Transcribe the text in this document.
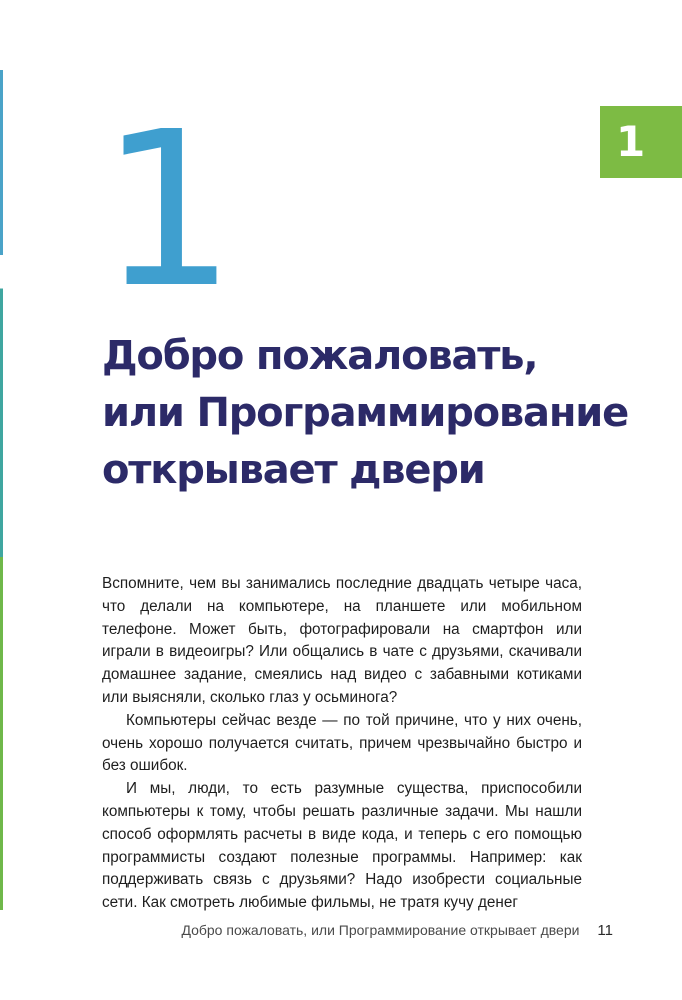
1
1
Добро пожаловать,
или Программирование
открывает двери

Вспомните, чем вы занимались последние двадцать четыре часа, что делали на компьютере, на планшете или мобильном телефоне. Может быть, фотографировали на смартфон или играли в видеоигры? Или общались в чате с друзьями, скачивали домашнее задание, смеялись над видео с забавными котиками или выясняли, сколько глаз у осьминога?

Компьютеры сейчас везде — по той причине, что у них очень, очень хорошо получается считать, причем чрезвычайно быстро и без ошибок.

И мы, люди, то есть разумные существа, приспособили компьютеры к тому, чтобы решать различные задачи. Мы нашли способ оформлять расчеты в виде кода, и теперь с его помощью программисты создают полезные программы. Например: как поддерживать связь с друзьями? Надо изобрести социальные сети. Как смотреть любимые фильмы, не тратя кучу денег

Добро пожаловать, или Программирование открывает двери 11
